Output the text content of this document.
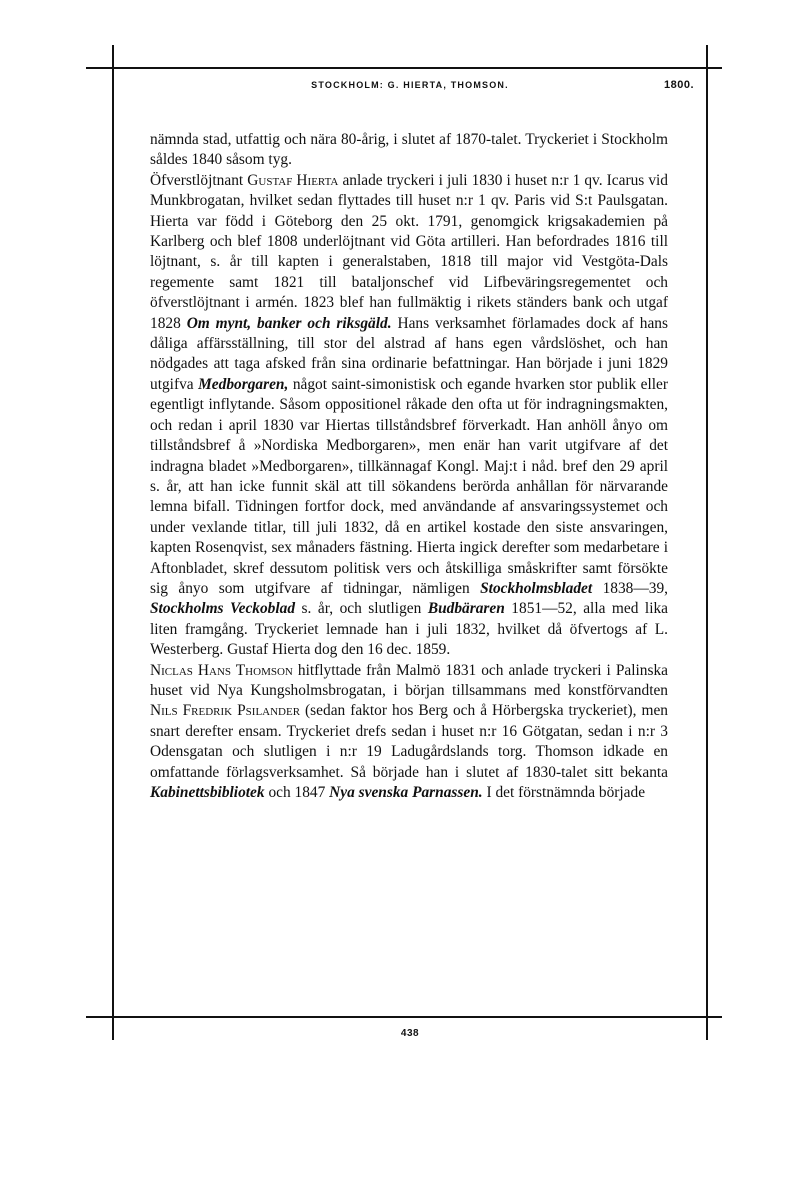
STOCKHOLM: G. HIERTA, THOMSON.	1800.

nämnda stad, utfattig och nära 80-årig, i slutet af 1870-talet. Tryckeriet i Stockholm såldes 1840 såsom tyg.

Öfverstlöjtnant Gustaf Hierta anlade tryckeri i juli 1830 i huset n:r 1 qv. Icarus vid Munkbrogatan, hvilket sedan flyttades till huset n:r 1 qv. Paris vid S:t Paulsgatan. Hierta var född i Göteborg den 25 okt. 1791, genomgick krigsakademien på Karlberg och blef 1808 underlöjtnant vid Göta artilleri. Han befordrades 1816 till löjtnant, s. år till kapten i generalstaben, 1818 till major vid Vestgöta-Dals regemente samt 1821 till bataljonschef vid Lifbeväringsregementet och öfverstlöjtnant i armén. 1823 blef han fullmäktig i rikets ständers bank och utgaf 1828 Om mynt, banker och riksgäld. Hans verksamhet förlamades dock af hans dåliga affärsställning, till stor del alstrad af hans egen vårdslöshet, och han nödgades att taga afsked från sina ordinarie befattningar. Han började i juni 1829 utgifva Medborgaren, något saint-simonistisk och egande hvarken stor publik eller egentligt inflytande. Såsom oppositionel råkade den ofta ut för indragningsmakten, och redan i april 1830 var Hiertas tillståndsbref förverkadt. Han anhöll ånyo om tillståndsbref å »Nordiska Medborgaren», men enär han varit utgifvare af det indragna bladet »Medborgaren», tillkännagaf Kongl. Maj:t i nåd. bref den 29 april s. år, att han icke funnit skäl att till sökandens berörda anhållan för närvarande lemna bifall. Tidningen fortfor dock, med användande af ansvaringssystemet och under vexlande titlar, till juli 1832, då en artikel kostade den siste ansvaringen, kapten Rosenqvist, sex månaders fästning. Hierta ingick derefter som medarbetare i Aftonbladet, skref dessutom politisk vers och åtskilliga småskrifter samt försökte sig ånyo som utgifvare af tidningar, nämligen Stockholmsbladet 1838—39, Stockholms Veckoblad s. år, och slutligen Budbäraren 1851—52, alla med lika liten framgång. Tryckeriet lemnade han i juli 1832, hvilket då öfvertogs af L. Westerberg. Gustaf Hierta dog den 16 dec. 1859.

Niclas Hans Thomson hitflyttade från Malmö 1831 och anlade tryckeri i Palinska huset vid Nya Kungsholmsbrogatan, i början tillsammans med konstförvandten Nils Fredrik Psilander (sedan faktor hos Berg och å Hörbergska tryckeriet), men snart derefter ensam. Tryckeriet drefs sedan i huset n:r 16 Götgatan, sedan i n:r 3 Odensgatan och slutligen i n:r 19 Ladugårdslands torg. Thomson idkade en omfattande förlagsverksamhet. Så började han i slutet af 1830-talet sitt bekanta Kabinettsbibliotek och 1847 Nya svenska Parnassen. I det förstnämnda började

438
